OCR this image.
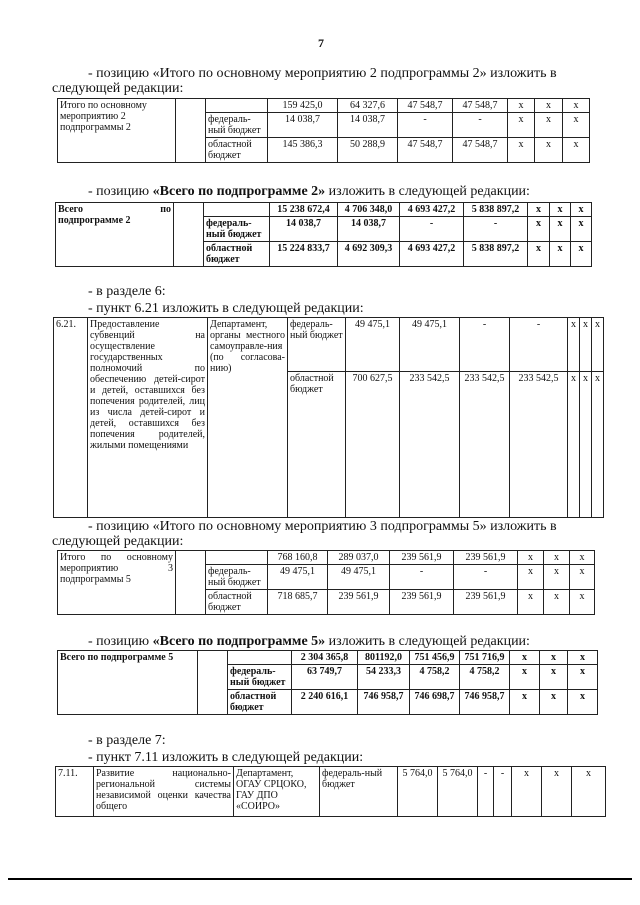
7
- позицию «Итого по основному мероприятию 2 подпрограммы 2» изложить в
следующей редакции:
Итого по основному мероприятию 2 подпрограммы 2			159 425,0	64 327,6	47 548,7	47 548,7	х	х	х
		федераль-ный бюджет	14 038,7	14 038,7	-	-	х	х	х
		областной бюджет	145 386,3	50 288,9	47 548,7	47 548,7	х	х	х
- позицию «Всего по подпрограмме 2» изложить в следующей редакции:
Всего по
подпрограмме 2			15 238 672,4	4 706 348,0	4 693 427,2	5 838 897,2	х	х	х
		федераль-ный бюджет	14 038,7	14 038,7	-	-	х	х	х
		областной бюджет	15 224 833,7	4 692 309,3	4 693 427,2	5 838 897,2	х	х	х
- в разделе 6:
- пункт 6.21 изложить в следующей редакции:
6.21.	Предоставление субвенций на осуществление государственных полномочий по обеспечению детей-сирот и детей, оставшихся без попечения родителей, лиц из числа детей-сирот и детей, оставшихся без попечения родителей, жилыми помещениями	Департамент, органы местного самоуправле-ния (по согласова-нию)	федераль-ный бюджет	49 475,1	49 475,1	-	-	х	х	х
			областной бюджет	700 627,5	233 542,5	233 542,5	233 542,5	х	х	х
- позицию «Итого по основному мероприятию 3 подпрограммы 5» изложить в
следующей редакции:
Итого по основному мероприятию 3 подпрограммы 5			768 160,8	289 037,0	239 561,9	239 561,9	х	х	х
		федераль-ный бюджет	49 475,1	49 475,1	-	-	х	х	х
		областной бюджет	718 685,7	239 561,9	239 561,9	239 561,9	х	х	х
- позицию «Всего по подпрограмме 5» изложить в следующей редакции:
Всего по подпрограмме 5			2 304 365,8	801192,0	751 456,9	751 716,9	х	х	х
		федераль-ный бюджет	63 749,7	54 233,3	4 758,2	4 758,2	х	х	х
		областной бюджет	2 240 616,1	746 958,7	746 698,7	746 958,7	х	х	х
- в разделе 7:
- пункт 7.11 изложить в следующей редакции:
7.11.	Развитие национально-региональной системы независимой оценки качества общего	Департамент, ОГАУ СРЦОКО, ГАУ ДПО «СОИРО»	федераль-ный бюджет	5 764,0	5 764,0	-	-	х	х	х
